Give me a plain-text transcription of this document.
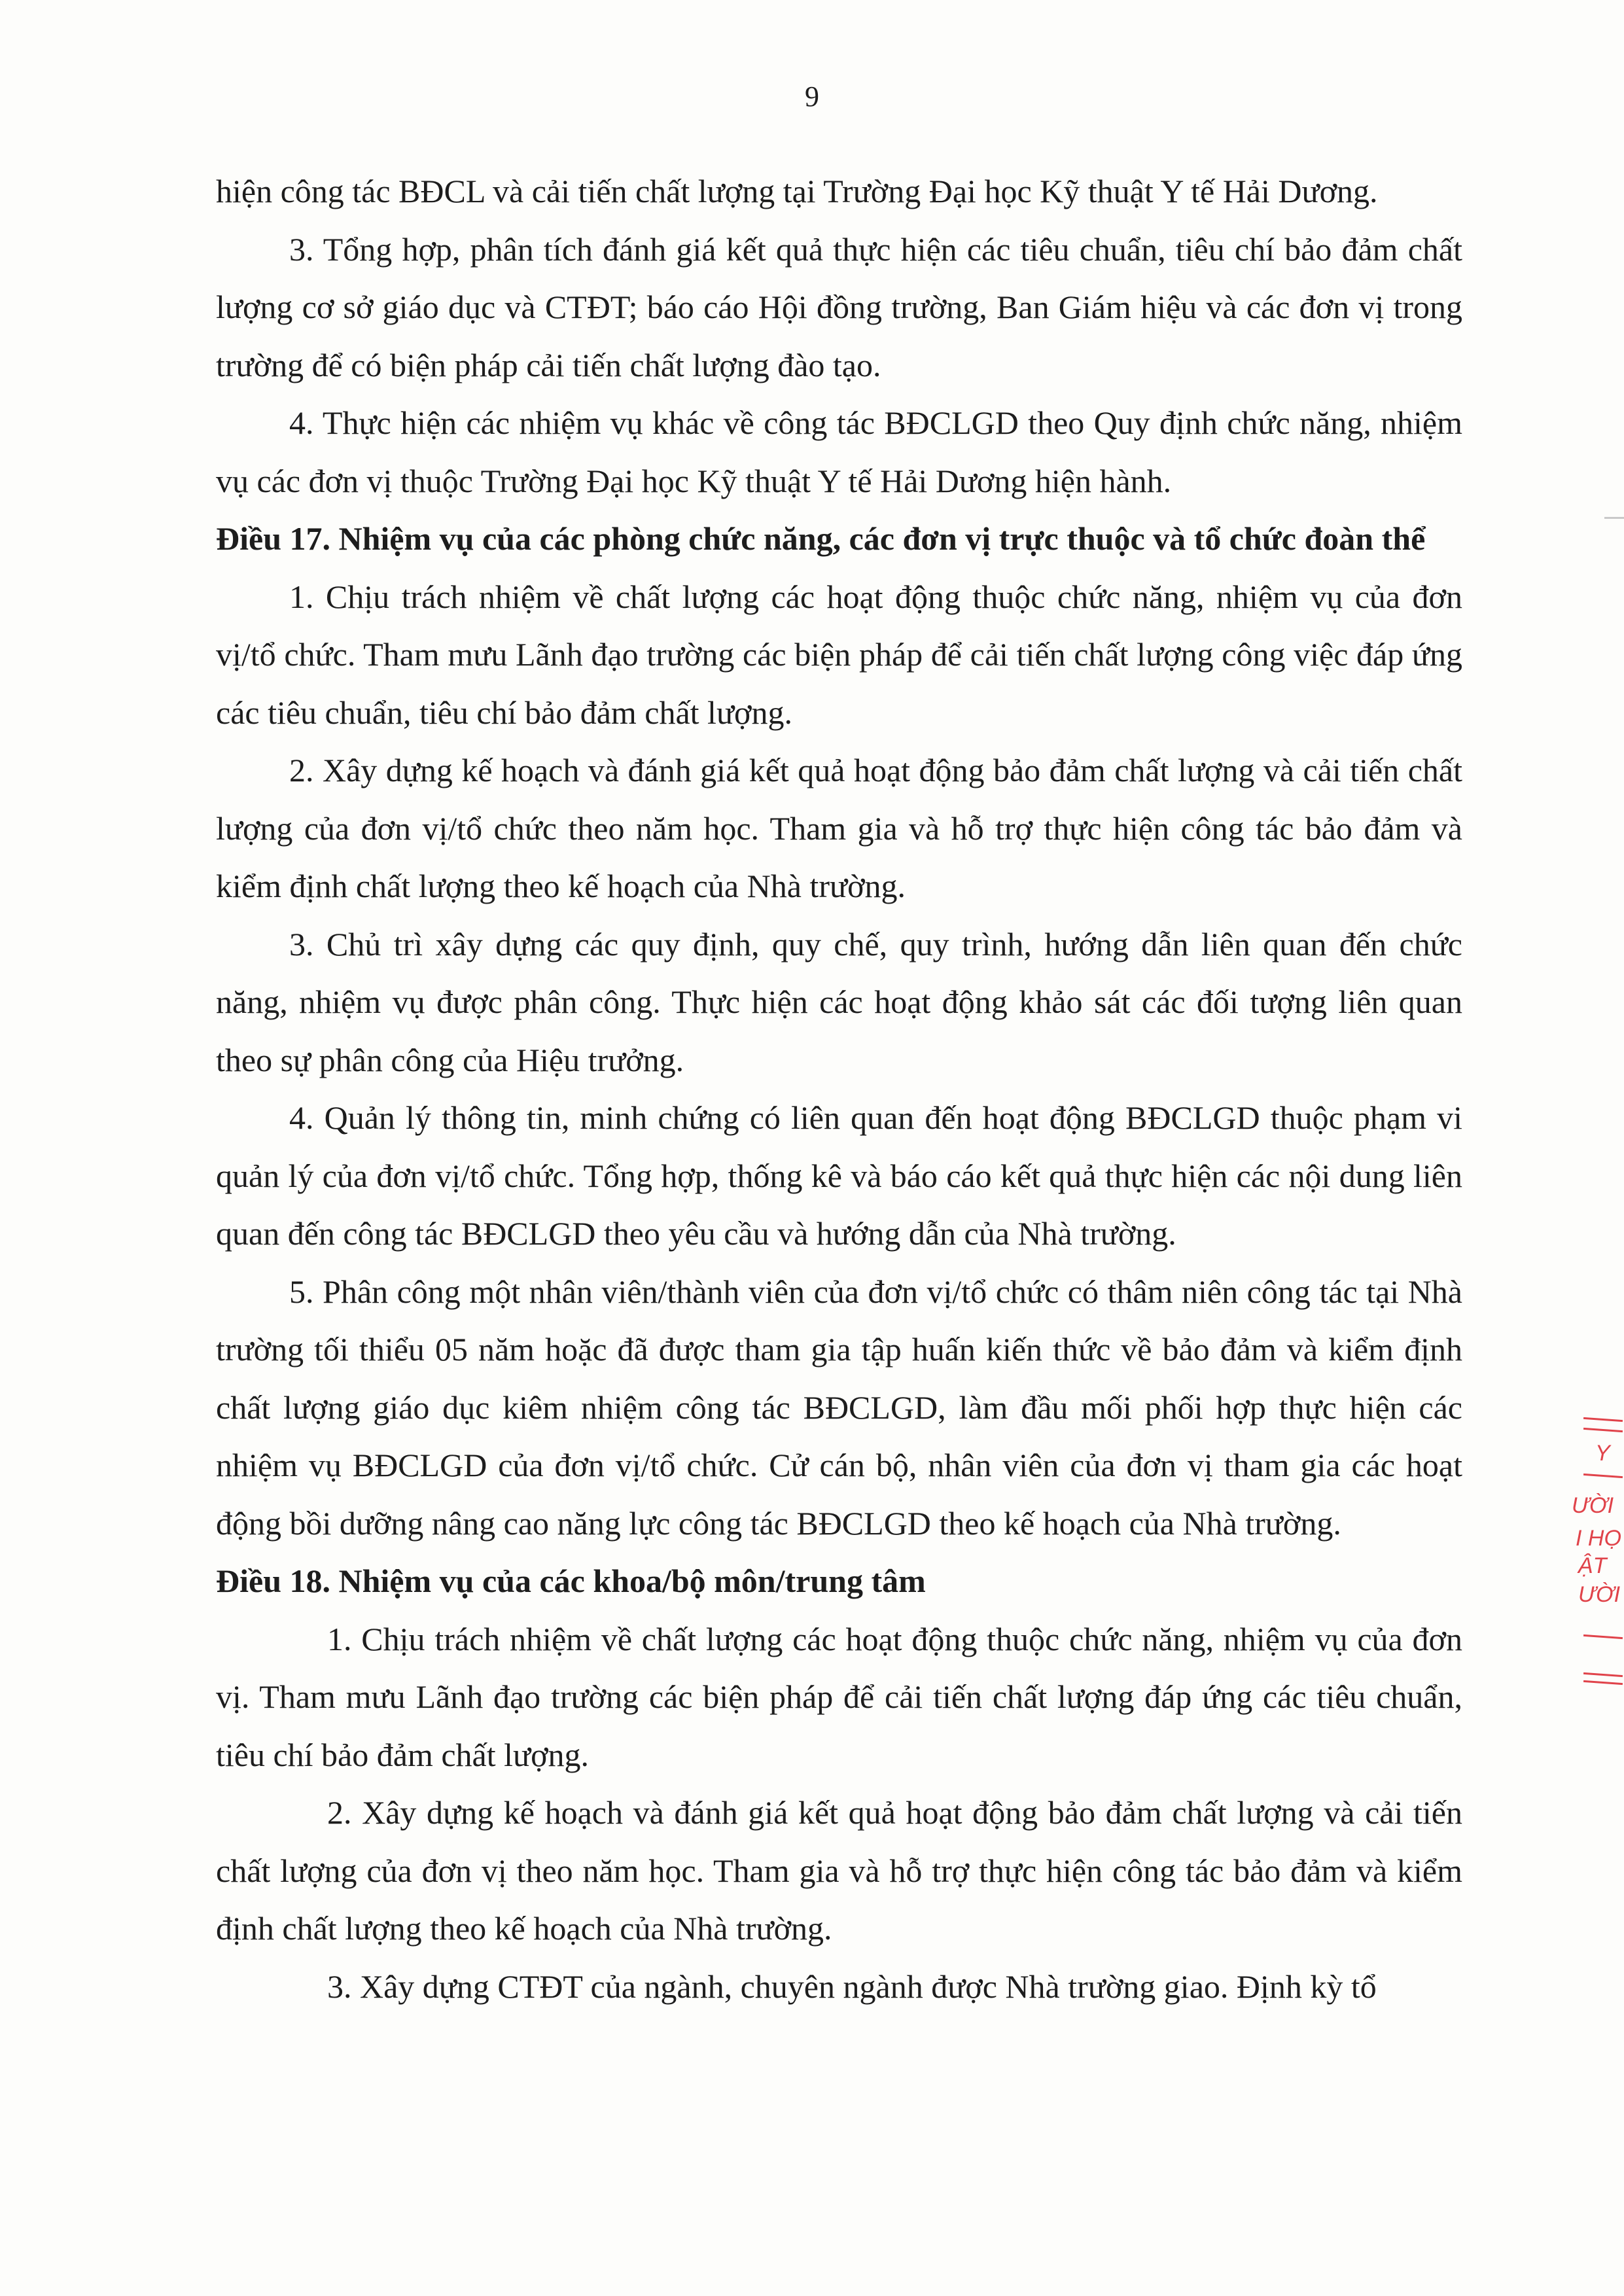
9

hiện công tác BĐCL và cải tiến chất lượng tại Trường Đại học Kỹ thuật Y tế Hải Dương.

3. Tổng hợp, phân tích đánh giá kết quả thực hiện các tiêu chuẩn, tiêu chí bảo đảm chất lượng cơ sở giáo dục và CTĐT; báo cáo Hội đồng trường, Ban Giám hiệu và các đơn vị trong trường để có biện pháp cải tiến chất lượng đào tạo.

4. Thực hiện các nhiệm vụ khác về công tác BĐCLGD theo Quy định chức năng, nhiệm vụ các đơn vị thuộc Trường Đại học Kỹ thuật Y tế Hải Dương hiện hành.

Điều 17. Nhiệm vụ của các phòng chức năng, các đơn vị trực thuộc và tổ chức đoàn thể

1. Chịu trách nhiệm về chất lượng các hoạt động thuộc chức năng, nhiệm vụ của đơn vị/tổ chức. Tham mưu Lãnh đạo trường các biện pháp để cải tiến chất lượng công việc đáp ứng các tiêu chuẩn, tiêu chí bảo đảm chất lượng.

2. Xây dựng kế hoạch và đánh giá kết quả hoạt động bảo đảm chất lượng và cải tiến chất lượng của đơn vị/tổ chức theo năm học. Tham gia và hỗ trợ thực hiện công tác bảo đảm và kiểm định chất lượng theo kế hoạch của Nhà trường.

3. Chủ trì xây dựng các quy định, quy chế, quy trình, hướng dẫn liên quan đến chức năng, nhiệm vụ được phân công. Thực hiện các hoạt động khảo sát các đối tượng liên quan theo sự phân công của Hiệu trưởng.

4. Quản lý thông tin, minh chứng có liên quan đến hoạt động BĐCLGD thuộc phạm vi quản lý của đơn vị/tổ chức. Tổng hợp, thống kê và báo cáo kết quả thực hiện các nội dung liên quan đến công tác BĐCLGD theo yêu cầu và hướng dẫn của Nhà trường.

5. Phân công một nhân viên/thành viên của đơn vị/tổ chức có thâm niên công tác tại Nhà trường tối thiểu 05 năm hoặc đã được tham gia tập huấn kiến thức về bảo đảm và kiểm định chất lượng giáo dục kiêm nhiệm công tác BĐCLGD, làm đầu mối phối hợp thực hiện các nhiệm vụ BĐCLGD của đơn vị/tổ chức. Cử cán bộ, nhân viên của đơn vị tham gia các hoạt động bồi dưỡng nâng cao năng lực công tác BĐCLGD theo kế hoạch của Nhà trường.

Điều 18. Nhiệm vụ của các khoa/bộ môn/trung tâm

1. Chịu trách nhiệm về chất lượng các hoạt động thuộc chức năng, nhiệm vụ của đơn vị. Tham mưu Lãnh đạo trường các biện pháp để cải tiến chất lượng đáp ứng các tiêu chuẩn, tiêu chí bảo đảm chất lượng.

2. Xây dựng kế hoạch và đánh giá kết quả hoạt động bảo đảm chất lượng và cải tiến chất lượng của đơn vị theo năm học. Tham gia và hỗ trợ thực hiện công tác bảo đảm và kiểm định chất lượng theo kế hoạch của Nhà trường.

3. Xây dựng CTĐT của ngành, chuyên ngành được Nhà trường giao. Định kỳ tổ

Y
ƯỜI
I HỌ
ẬT
ƯỜI
